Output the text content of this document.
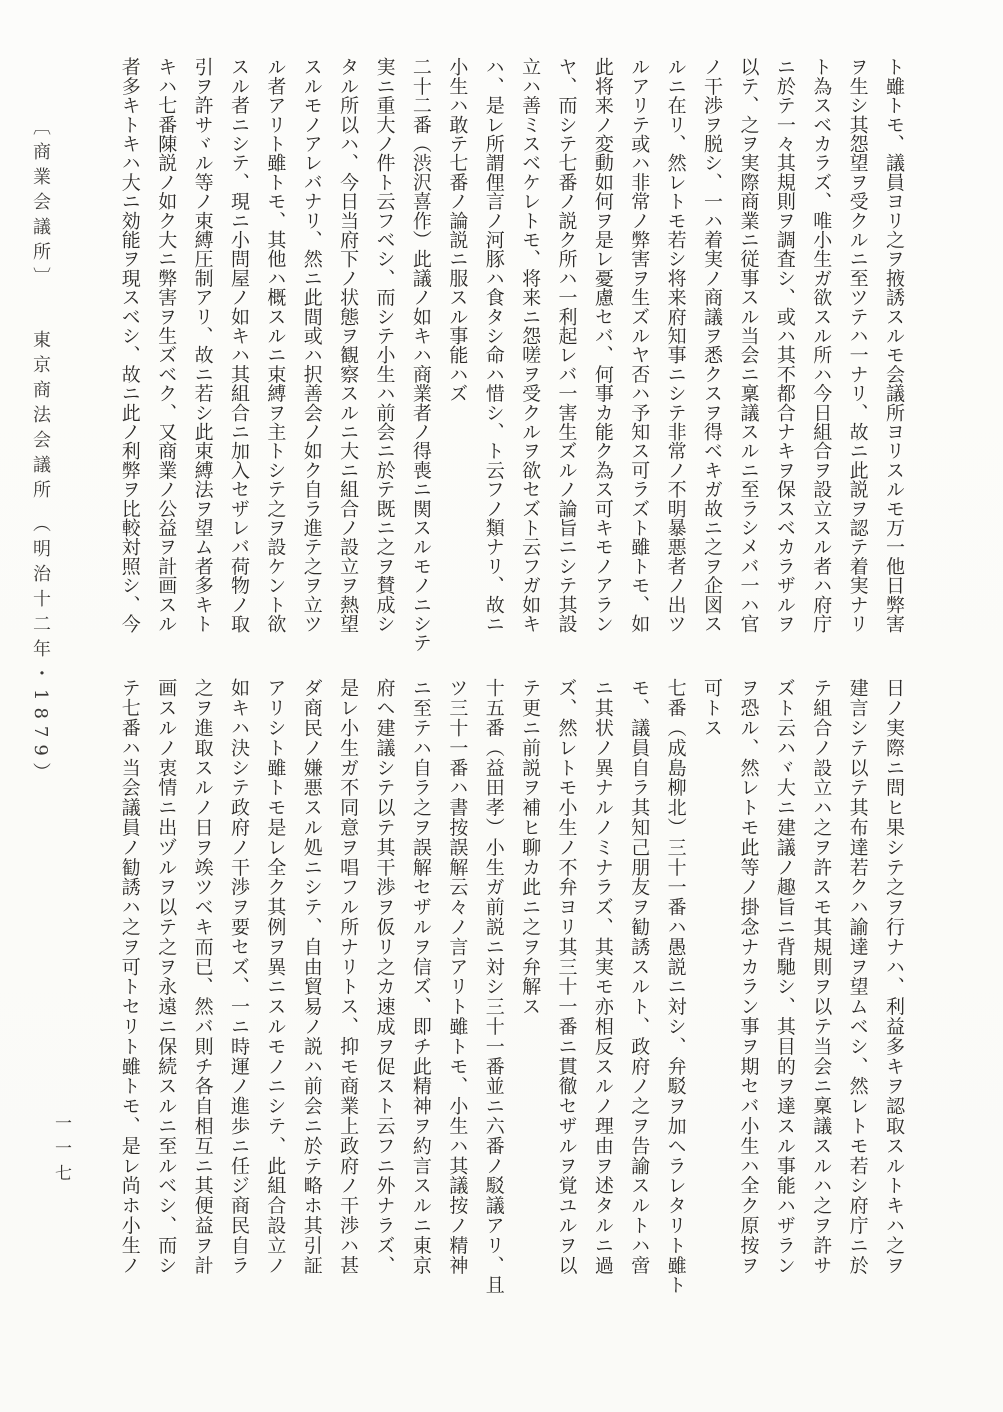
〔商業会議所〕
東京商法会議所
（明治十二年・1879）
ト雖トモ、議員ヨリ之ヲ掖誘スルモ会議所ヨリスルモ万一他日弊害
ヲ生シ其怨望ヲ受クルニ至ツテハ一ナリ、故ニ此説ヲ認テ着実ナリ
ト為スベカラズ、唯小生ガ欲スル所ハ今日組合ヲ設立スル者ハ府庁
ニ於テ一々其規則ヲ調査シ、或ハ其不都合ナキヲ保スベカラザルヲ
以テ、之ヲ実際商業ニ従事スル当会ニ稟議スルニ至ラシメバ一ハ官
ノ干渉ヲ脱シ、一ハ着実ノ商議ヲ悉クスヲ得ベキガ故ニ之ヲ企図ス
ルニ在リ、然レトモ若シ将来府知事ニシテ非常ノ不明暴悪者ノ出ツ
ルアリテ或ハ非常ノ弊害ヲ生ズルヤ否ハ予知ス可ラズト雖トモ、如
此将来ノ変動如何ヲ是レ憂慮セバ、何事カ能ク為ス可キモノアラン
ヤ、而シテ七番ノ説ク所ハ一利起レバ一害生ズルノ論旨ニシテ其設
立ハ善ミスベケレトモ、将来ニ怨嗟ヲ受クルヲ欲セズト云フガ如キ
ハ、是レ所謂俚言ノ河豚ハ食タシ命ハ惜シ、ト云フノ類ナリ、故ニ
小生ハ敢テ七番ノ論説ニ服スル事能ハズ
二十二番（渋沢喜作）此議ノ如キハ商業者ノ得喪ニ関スルモノニシテ
実ニ重大ノ件ト云フベシ、而シテ小生ハ前会ニ於テ既ニ之ヲ賛成シ
タル所以ハ、今日当府下ノ状態ヲ観察スルニ大ニ組合ノ設立ヲ熱望
スルモノアレバナリ、然ニ此間或ハ択善会ノ如ク自ラ進テ之ヲ立ツ
ル者アリト雖トモ、其他ハ概スルニ束縛ヲ主トシテ之ヲ設ケント欲
スル者ニシテ、現ニ小問屋ノ如キハ其組合ニ加入セザレバ荷物ノ取
引ヲ許サヾル等ノ束縛圧制アリ、故ニ若シ此束縛法ヲ望ム者多キト
キハ七番陳説ノ如ク大ニ弊害ヲ生ズベク、又商業ノ公益ヲ計画スル
者多キトキハ大ニ効能ヲ現スベシ、故ニ此ノ利弊ヲ比較対照シ、今
日ノ実際ニ問ヒ果シテ之ヲ行ナハ、利益多キヲ認取スルトキハ之ヲ
建言シテ以テ其布達若クハ諭達ヲ望ムベシ、然レトモ若シ府庁ニ於
テ組合ノ設立ハ之ヲ許スモ其規則ヲ以テ当会ニ稟議スルハ之ヲ許サ
ズト云ハヾ大ニ建議ノ趣旨ニ背馳シ、其目的ヲ達スル事能ハザラン
ヲ恐ル、然レトモ此等ノ掛念ナカラン事ヲ期セバ小生ハ全ク原按ヲ
可トス
七番（成島柳北）三十一番ハ愚説ニ対シ、弁駁ヲ加ヘラレタリト雖ト
モ、議員自ラ其知己朋友ヲ勧誘スルト、政府ノ之ヲ告諭スルトハ啻
ニ其状ノ異ナルノミナラズ、其実モ亦相反スルノ理由ヲ述タルニ過
ズ、然レトモ小生ノ不弁ヨリ其三十一番ニ貫徹セザルヲ覚ユルヲ以
テ更ニ前説ヲ補ヒ聊カ此ニ之ヲ弁解ス
十五番（益田孝）小生ガ前説ニ対シ三十一番並ニ六番ノ駁議アリ、且
ツ三十一番ハ書按誤解云々ノ言アリト雖トモ、小生ハ其議按ノ精神
ニ至テハ自ラ之ヲ誤解セザルヲ信ズ、即チ此精神ヲ約言スルニ東京
府ヘ建議シテ以テ其干渉ヲ仮リ之カ速成ヲ促スト云フニ外ナラズ、
是レ小生ガ不同意ヲ唱フル所ナリトス、抑モ商業上政府ノ干渉ハ甚
ダ商民ノ嫌悪スル処ニシテ、自由貿易ノ説ハ前会ニ於テ略ホ其引証
アリシト雖トモ是レ全ク其例ヲ異ニスルモノニシテ、此組合設立ノ
如キハ決シテ政府ノ干渉ヲ要セズ、一ニ時運ノ進歩ニ任ジ商民自ラ
之ヲ進取スルノ日ヲ竢ツベキ而已、然バ則チ各自相互ニ其便益ヲ計
画スルノ衷情ニ出ヅルヲ以テ之ヲ永遠ニ保続スルニ至ルベシ、而シ
テ七番ハ当会議員ノ勧誘ハ之ヲ可トセリト雖トモ、是レ尚ホ小生ノ
一一七
